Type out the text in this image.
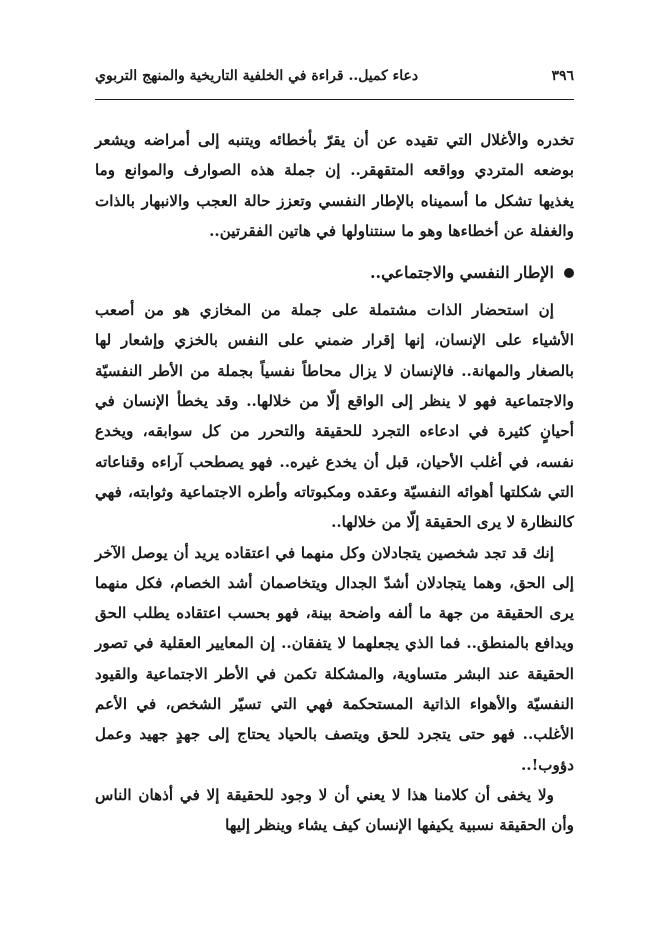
٣٩٦
دعاء كميل.. قراءة في الخلفية التاريخية والمنهج التربوي

تخدره والأغلال التي تقيده عن أن يقرّ بأخطائه ويتنبه إلى أمراضه ويشعر بوضعه المتردي وواقعه المتقهقر.. إن جملة هذه الصوارف والموانع وما يغذيها تشكل ما أسميناه بالإطار النفسي وتعزز حالة العجب والانبهار بالذات والغفلة عن أخطاءها وهو ما سنتناولها في هاتين الفقرتين..

الإطار النفسي والاجتماعي..

إن استحضار الذات مشتملة على جملة من المخازي هو من أصعب الأشياء على الإنسان، إنها إقرار ضمني على النفس بالخزي وإشعار لها بالصغار والمهانة.. فالإنسان لا يزال محاطاً نفسياً بجملة من الأطر النفسيّة والاجتماعية فهو لا ينظر إلى الواقع إلّا من خلالها.. وقد يخطأ الإنسان في أحيانٍ كثيرة في ادعاءه التجرد للحقيقة والتحرر من كل سوابقه، ويخدع نفسه، في أغلب الأحيان، قبل أن يخدع غيره.. فهو يصطحب آراءه وقناعاته التي شكلتها أهوائه النفسيّة وعقده ومكبوتاته وأطره الاجتماعية وثوابته، فهي كالنظارة لا يرى الحقيقة إلّا من خلالها..

إنك قد تجد شخصين يتجادلان وكل منهما في اعتقاده يريد أن يوصل الآخر إلى الحق، وهما يتجادلان أشدّ الجدال ويتخاصمان أشد الخصام، فكل منهما يرى الحقيقة من جهة ما ألفه واضحة بينة، فهو بحسب اعتقاده يطلب الحق ويدافع بالمنطق.. فما الذي يجعلهما لا يتفقان.. إن المعايير العقلية في تصور الحقيقة عند البشر متساوية، والمشكلة تكمن في الأطر الاجتماعية والقيود النفسيّة والأهواء الذاتية المستحكمة فهي التي تسيّر الشخص، في الأعم الأغلب.. فهو حتى يتجرد للحق ويتصف بالحياد يحتاج إلى جهدٍ جهيد وعمل دؤوب!..

ولا يخفى أن كلامنا هذا لا يعني أن لا وجود للحقيقة إلا في أذهان الناس وأن الحقيقة نسبية يكيفها الإنسان كيف يشاء وينظر إليها
